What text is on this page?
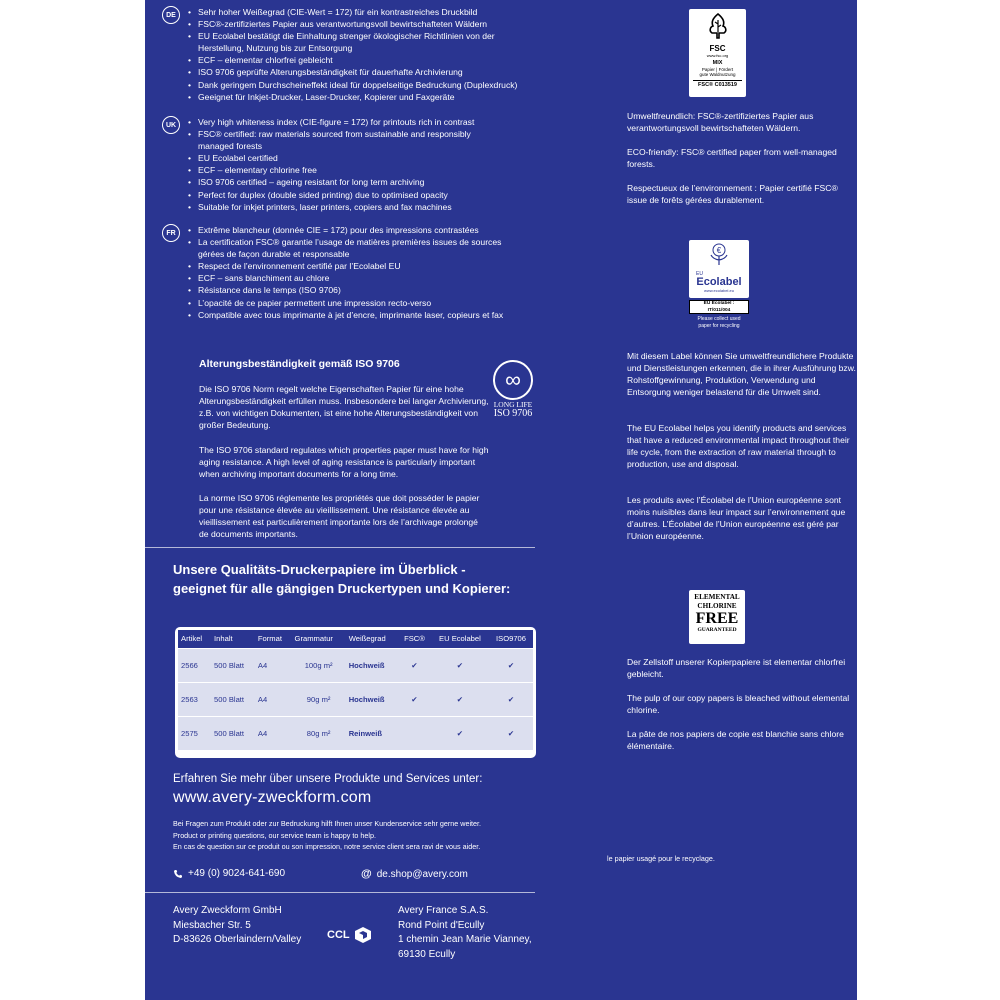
DE	• Sehr hoher Weißegrad (CIE-Wert = 172) für ein kontrastreiches Druckbild
• FSC®-zertifiziertes Papier aus verantwortungsvoll bewirtschafteten Wäldern
• EU Ecolabel bestätigt die Einhaltung strenger ökologischer Richtlinien von der Herstellung, Nutzung bis zur Entsorgung
• ECF – elementar chlorfrei gebleicht
• ISO 9706 geprüfte Alterungsbeständigkeit für dauerhafte Archivierung
• Dank geringem Durchscheineffekt ideal für doppelseitige Bedruckung (Duplexdruck)
• Geeignet für Inkjet-Drucker, Laser-Drucker, Kopierer und Faxgeräte
UK	• Very high whiteness index (CIE-figure = 172) for printouts rich in contrast
• FSC® certified: raw materials sourced from sustainable and responsibly managed forests
• EU Ecolabel certified
• ECF – elementary chlorine free
• ISO 9706 certified – ageing resistant for long term archiving
• Perfect for duplex (double sided printing) due to optimised opacity
• Suitable for inkjet printers, laser printers, copiers and fax machines
FR	• Extrême blancheur (donnée CIE = 172) pour des impressions contrastées
• La certification FSC® garantie l’usage de matières premières issues de sources gérées de façon durable et responsable
• Respect de l’environnement certifié par l’Ecolabel EU
• ECF – sans blanchiment au chlore
• Résistance dans le temps (ISO 9706)
• L’opacité de ce papier permettent une impression recto-verso
• Compatible avec tous imprimante à jet d’encre, imprimante laser, copieurs et fax
Alterungsbeständigkeit gemäß ISO 9706
Die ISO 9706 Norm regelt welche Eigenschaften Papier für eine hohe Alterungsbeständigkeit erfüllen muss. Insbesondere bei langer Archivierung, z.B. von wichtigen Dokumenten, ist eine hohe Alterungsbeständigkeit von großer Bedeutung.
The ISO 9706 standard regulates which properties paper must have for high aging resistance. A high level of aging resistance is particularly important when archiving important documents for a long time.
La norme ISO 9706 réglemente les propriétés que doit posséder le papier pour une résistance élevée au vieillissement. Une résistance élevée au vieillissement est particulièrement importante lors de l’archivage prolongé de documents importants.
∞
LONG LIFE
ISO 9706
Unsere Qualitäts-Druckerpapiere im Überblick -
geeignet für alle gängigen Druckertypen und Kopierer:
Artikel	Inhalt	Format	Grammatur	Weißegrad	FSC®	EU Ecolabel	ISO9706
2566	500 Blatt	A4	100g m²	Hochweiß	✔	✔	✔
2563	500 Blatt	A4	90g m²	Hochweiß	✔	✔	✔
2575	500 Blatt	A4	80g m²	Reinweiß		✔	✔
Erfahren Sie mehr über unsere Produkte und Services unter:
www.avery-zweckform.com
Bei Fragen zum Produkt oder zur Bedruckung hilft Ihnen unser Kundenservice sehr gerne weiter.
Product or printing questions, our service team is happy to help.
En cas de question sur ce produit ou son impression, notre service client sera ravi de vous aider.
+49 (0) 9024-641-690	@ de.shop@avery.com
Avery Zweckform GmbH
Miesbacher Str. 5
D-83626 Oberlaindern/Valley CCL
Avery France S.A.S.
Rond Point d'Ecully
1 chemin Jean Marie Vianney,
69130 Ecully
FSC
www.fsc.org
MIX
Papier | Fördert
gute Waldnutzung
FSC® C013519
Umweltfreundlich: FSC®-zertifiziertes Papier aus verantwortungsvoll bewirtschafteten Wäldern.
ECO-friendly: FSC® certified paper from well-managed forests.
Respectueux de l’environnement : Papier certifié FSC® issue de forêts gérées durablement.
€
EU
Ecolabel
www.ecolabel.eu
EU Ecolabel :
IT/011/004
Please collect used
paper for recycling
Mit diesem Label können Sie umweltfreundlichere Produkte und Dienstleistungen erkennen, die in ihrer Ausführung bzw. Rohstoffgewinnung, Produktion, Verwendung und Entsorgung weniger belastend für die Umwelt sind.
The EU Ecolabel helps you identify products and services that have a reduced environmental impact throughout their life cycle, from the extraction of raw material through to production, use and disposal.
Les produits avec l’Écolabel de l’Union européenne sont moins nuisibles dans leur impact sur l’environnement que d’autres. L’Écolabel de l’Union européenne est géré par l’Union européenne.
ELEMENTAL
CHLORINE
FREE
GUARANTEED
Der Zellstoff unserer Kopierpapiere ist elementar chlorfrei gebleicht.
The pulp of our copy papers is bleached without elemental chlorine.
La pâte de nos papiers de copie est blanchie sans chlore élémentaire.
le papier usagé pour le recyclage.
